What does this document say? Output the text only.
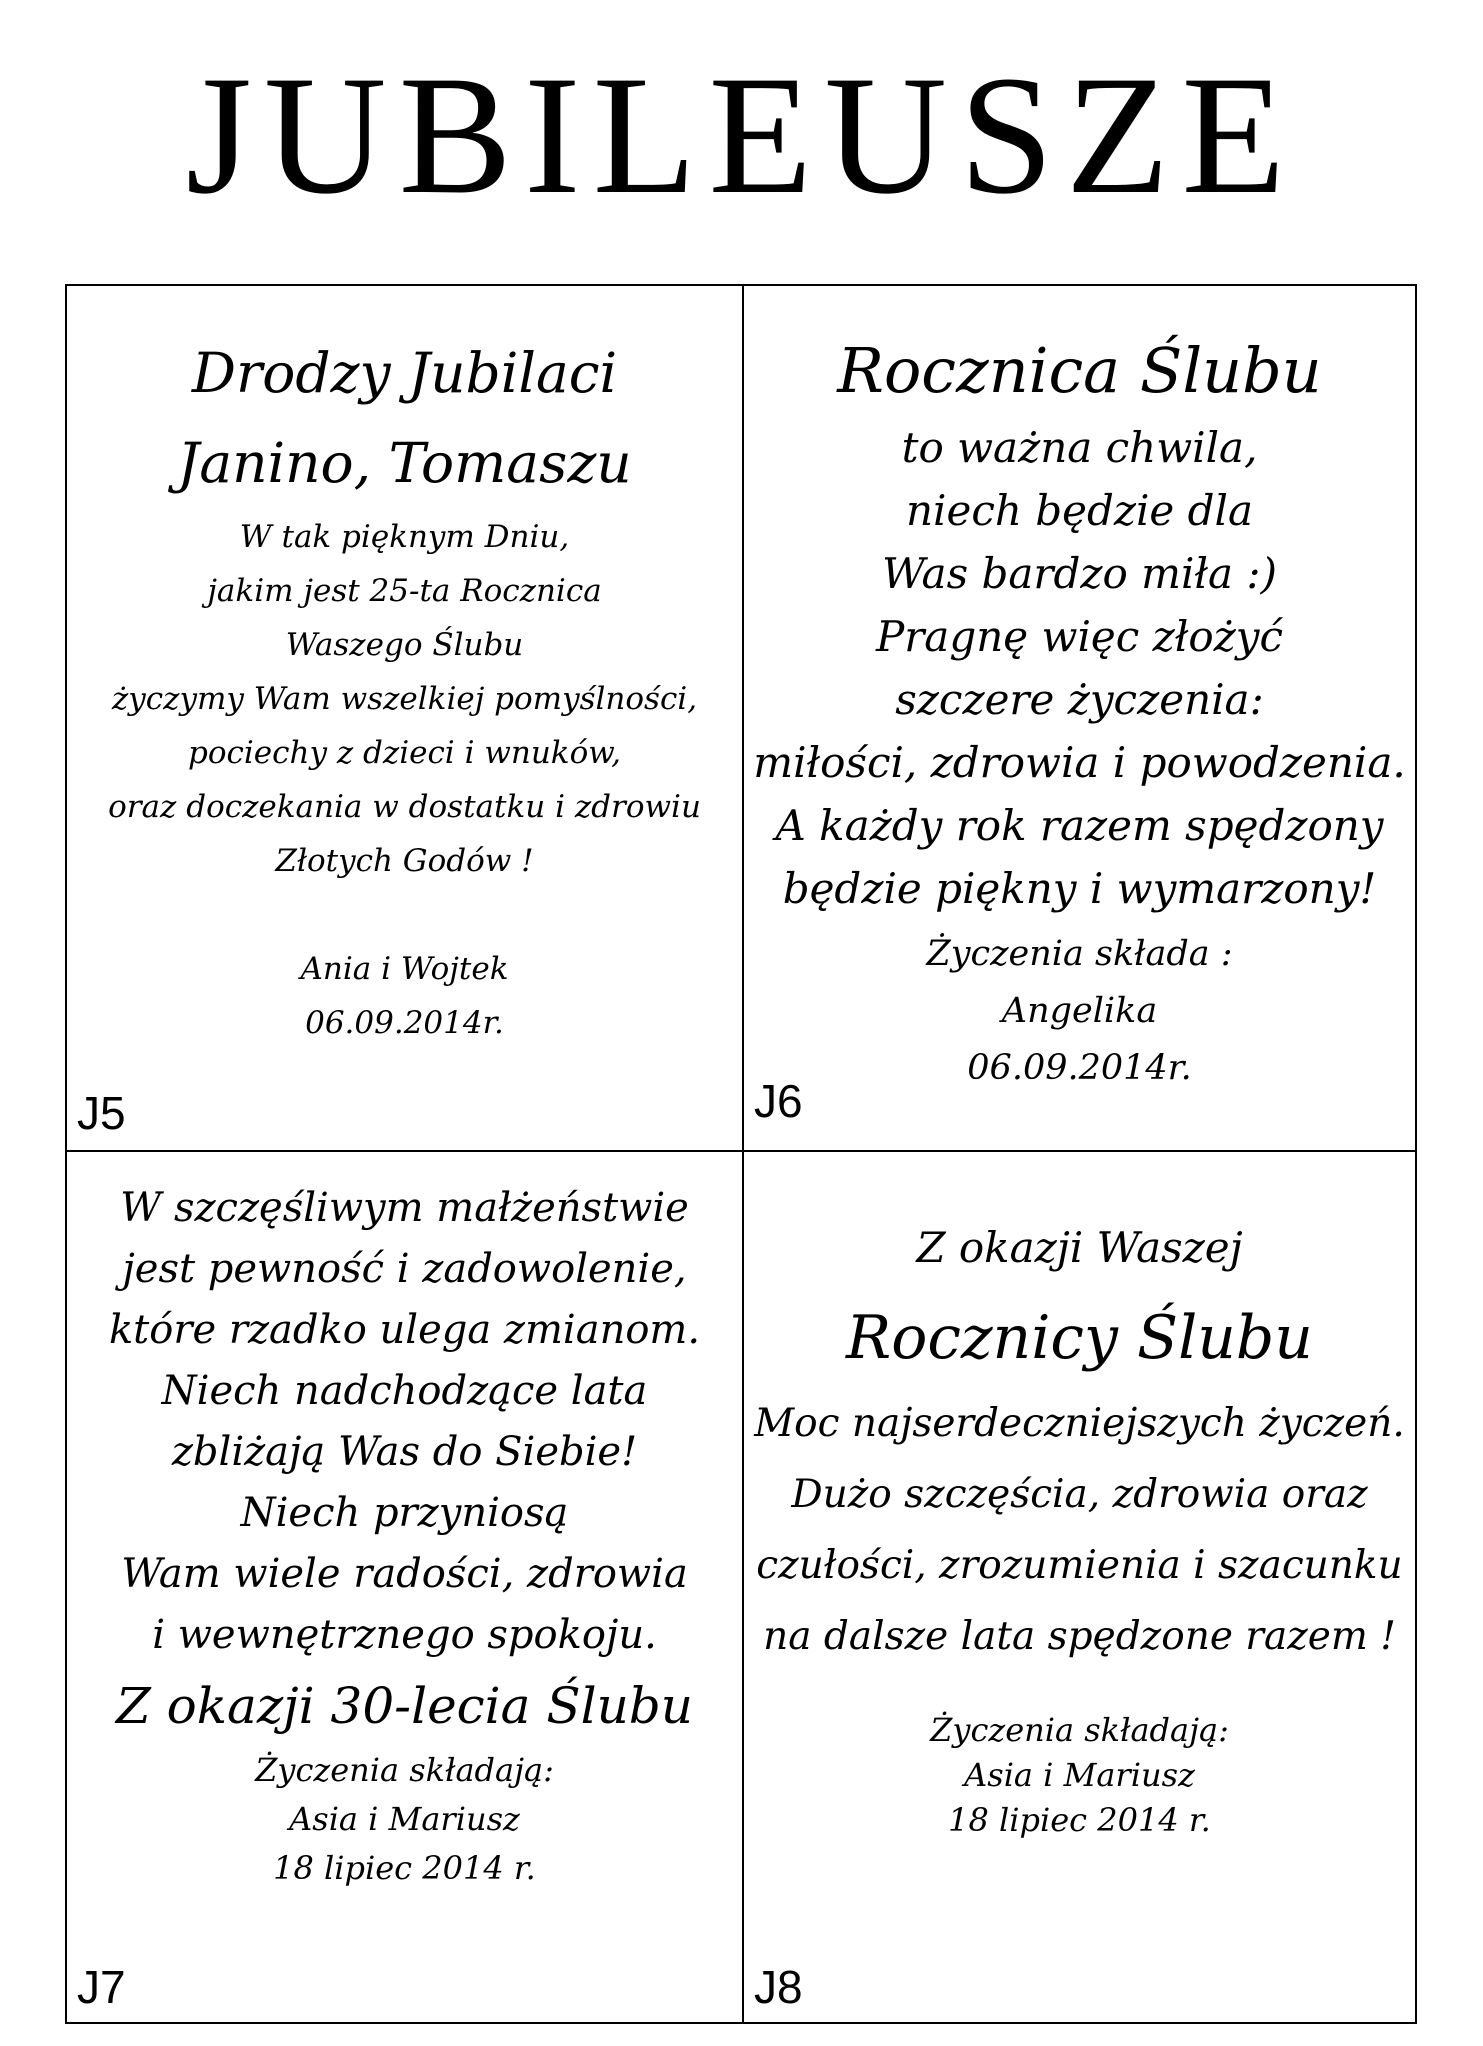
JUBILEUSZE
Drodzy Jubilaci
Janino, Tomaszu
W tak pięknym Dniu,
jakim jest 25-ta Rocznica
Waszego Ślubu
życzymy Wam wszelkiej pomyślności,
pociechy z dzieci i wnuków,
oraz doczekania w dostatku i zdrowiu
Złotych Godów !
Ania i Wojtek
06.09.2014r.
J5
Rocznica Ślubu
to ważna chwila,
niech będzie dla
Was bardzo miła :)
Pragnę więc złożyć
szczere życzenia:
miłości, zdrowia i powodzenia.
A każdy rok razem spędzony
będzie piękny i wymarzony!
Życzenia składa :
Angelika
06.09.2014r.
J6
W szczęśliwym małżeństwie
jest pewność i zadowolenie,
które rzadko ulega zmianom.
Niech nadchodzące lata
zbliżają Was do Siebie!
Niech przyniosą
Wam wiele radości, zdrowia
i wewnętrznego spokoju.
Z okazji 30-lecia Ślubu
Życzenia składają:
Asia i Mariusz
18 lipiec 2014 r.
J7
Z okazji Waszej
Rocznicy Ślubu
Moc najserdeczniejszych życzeń.
Dużo szczęścia, zdrowia oraz
czułości, zrozumienia i szacunku
na dalsze lata spędzone razem !
Życzenia składają:
Asia i Mariusz
18 lipiec 2014 r.
J8
